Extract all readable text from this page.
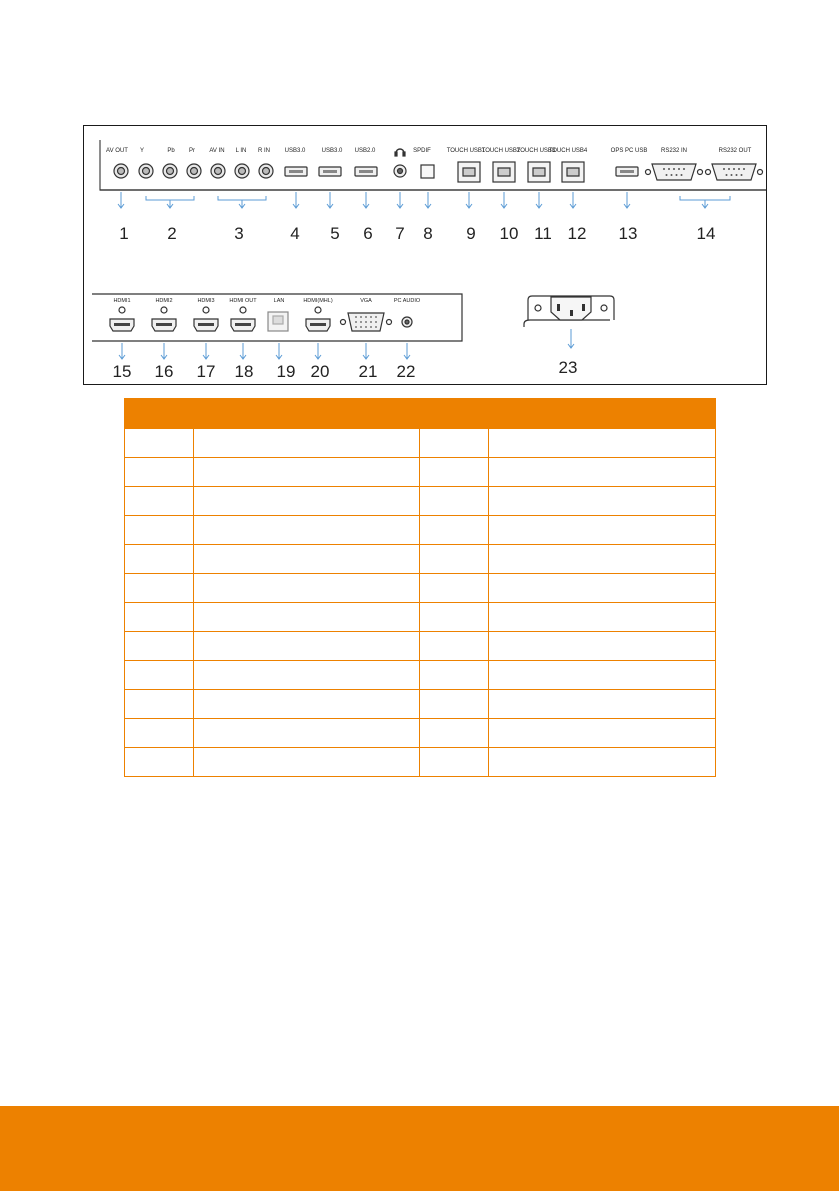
AV OUT Y	Pb Pr AV IN L IN R IN USB3.0	USB3.0 USB2.0	SPDIF	TOUCH USB1
TOUCH USB2
TOUCH USB3
TOUCH USB4	OPS PC USB RS232 IN	RS232 OUT
1 2	3	4 5 6 7 8 9 10 11 12 13	14
HDMI1	HDMI2	HDMI3	HDMI OUT	LAN	HDMI(MHL)	VGA	PC AUDIO
15 16 17 18 19 20 21 22	23
